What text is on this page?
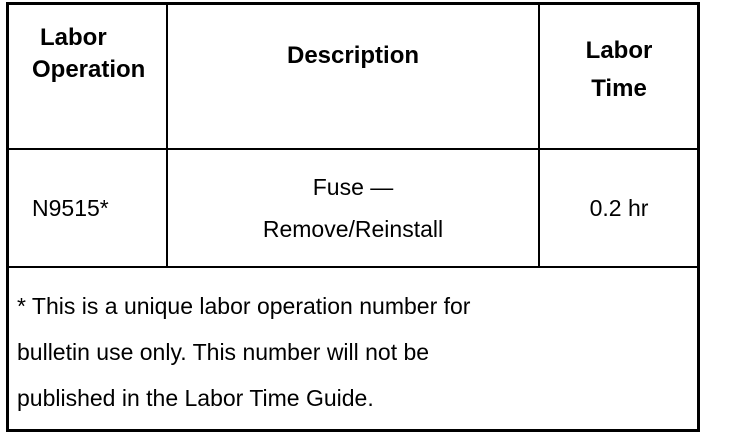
Labor
Operation
Description	Labor
Time
N9515*
Fuse —
Remove/Reinstall
0.2 hr
* This is a unique labor operation number for
bulletin use only. This number will not be
published in the Labor Time Guide.
